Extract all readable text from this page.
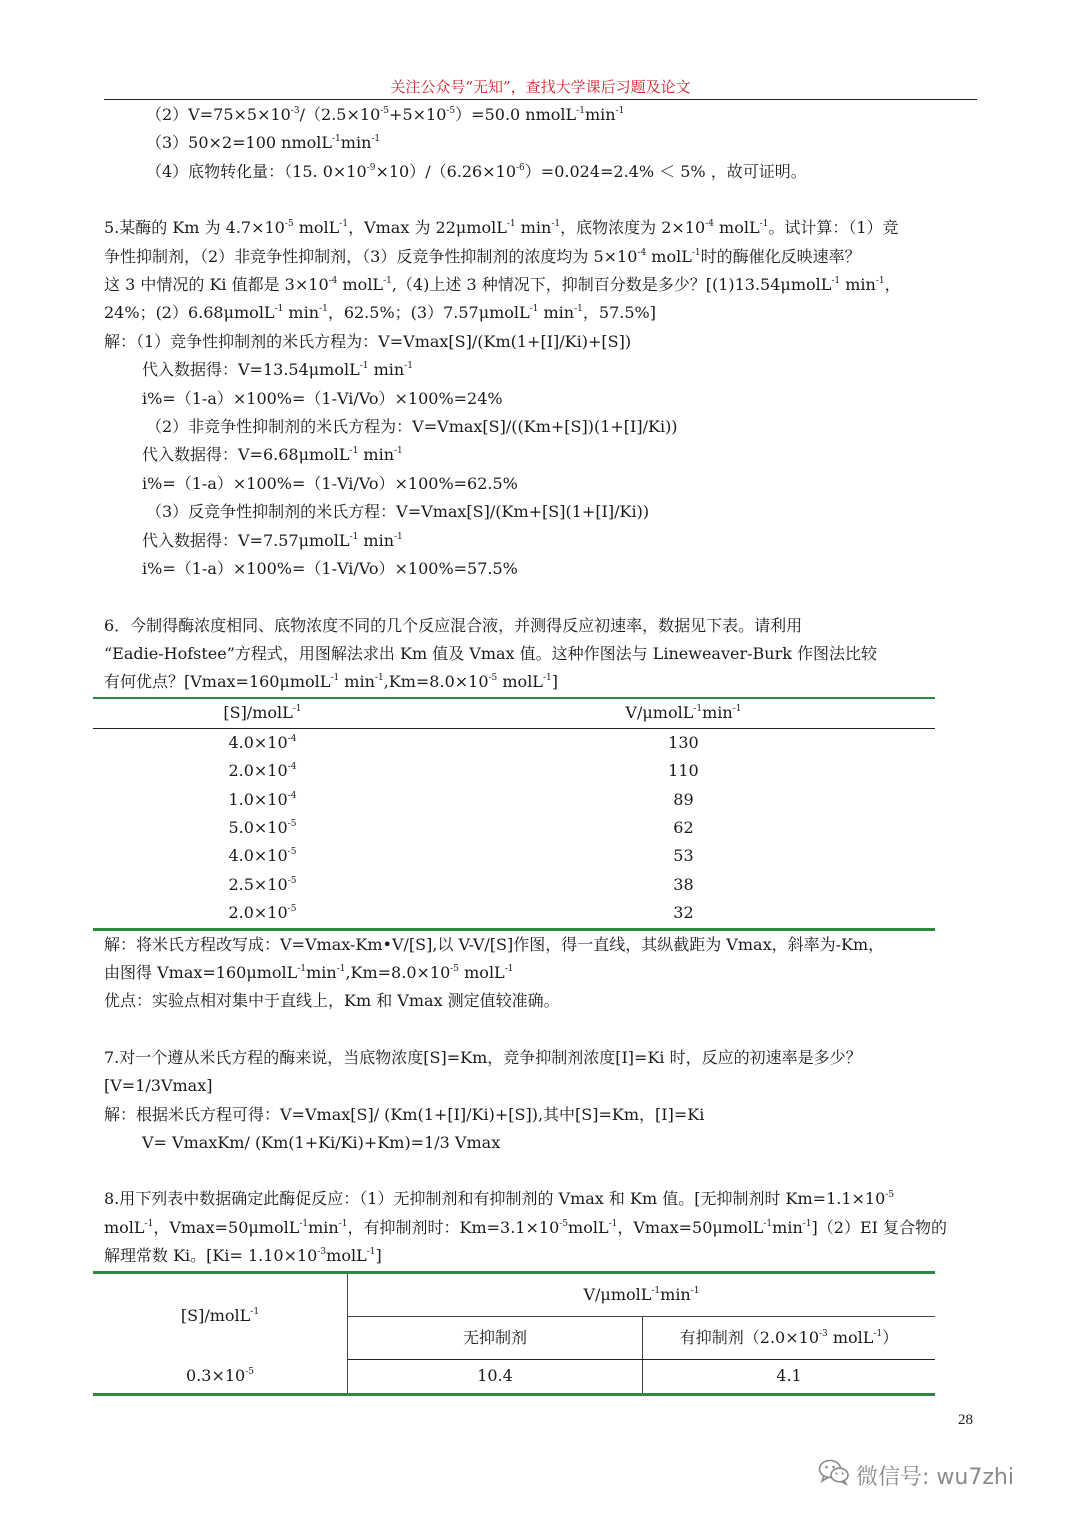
关注公众号“无知”，查找大学课后习题及论文
$(2)V=75\times 5\times 10^{-3}/(2.5\times 10^{-5}+5\times 10^{-5})=50.0$ $nmolL^{-1}\min^{-1}$
（3）50×2=100 $nmolL^{-1}\min^{-1}$
（4）底物转化量：（15. $0\times 10^{-9}\times 10)/(6.26\times 10^{-6})=0.024=2.4\% < 5\%$ ，故可证明。
5.某酶的 Km 为 $4.7\times 10^{-5}$ molL$^{-1}$，Vmax 为 22μmolL$^{-1}$ $\min^{-1}$，底物浓度为 $2\times 10^{-4}$ molL$^{-1}$。试计算：（1）竞
争性抑制剂，（2）非竞争性抑制剂，（3）反竞争性抑制剂的浓度均为 $5\times 10^{-4}$ molL$^{-1}$时的酶催化反映速率？
这 3 中情况的 Ki 值都是 $3\times 10^{-4}$ molL$^{-1}$,（4)上述 3 种情况下，抑制百分数是多少？[(1)13.54μmolL$^{-1}$ $\min^{-1}$，
24%；(2）6.68μmolL$^{-1}$ $\min^{-1}$，62.5%；(3）7.57μmolL$^{-1}$ $\min^{-1}$，57.5%]
解：（1）竞争性抑制剂的米氏方程为：V=Vmax[S]/(Km(1+[I]/Ki)+[S])
代入数据得：V=13.54μmolL$^{-1}$ $\min^{-1}$
i%=（1-a）×100%=（1-Vi/Vo）×100%=24%
（2）非竞争性抑制剂的米氏方程为：V=Vmax[S]/((Km+[S])(1+[I]/Ki))
代入数据得：V=6.68μmolL$^{-1}$ $\min^{-1}$
i%=（1-a）×100%=（1-Vi/Vo）×100%=62.5%
（3）反竞争性抑制剂的米氏方程：V=Vmax[S]/(Km+[S](1+[I]/Ki))
代入数据得：V=7.57μmolL$^{-1}$ $\min^{-1}$
i%=（1-a）×100%=（1-Vi/Vo）×100%=57.5%
6．今制得酶浓度相同、底物浓度不同的几个反应混合液，并测得反应初速率，数据见下表。请利用
“Eadie-Hofstee”方程式，用图解法求出 Km 值及 Vmax 值。这种作图法与 Lineweaver-Burk 作图法比较
有何优点？[Vmax=160μmolL$^{-1}$ $\min^{-1},Km=8.0\times 10^{-5}$ molL$^{-1}$]
[S]/molL$^{-1}$	$V/\mu molL^{-1}\min^{-1}$
$4.0\times 10^{-4}$	130
$2.0\times 10^{-4}$	110
$1.0\times 10^{-4}$	89
$5.0\times 10^{-5}$	62
$4.0\times 10^{-5}$	53
$2.5\times 10^{-5}$	38
$2.0\times 10^{-5}$	32
解：将米氏方程改写成：V=Vmax-Km•V/[S],以 V-V/[S]作图，得一直线，其纵截距为 Vmax，斜率为-Km，
由图得 $Vmax=160\mu molL^{-1}\min^{-1},Km=8.0\times 10^{-5}$ molL$^{-1}$
优点：实验点相对集中于直线上，Km 和 Vmax 测定值较准确。
7.对一个遵从米氏方程的酶来说，当底物浓度[S]=Km，竞争抑制剂浓度[I]=Ki 时，反应的初速率是多少？
[V=1/3Vmax]
解：根据米氏方程可得：V=Vmax[S]/ (Km(1+[I]/Ki)+[S]),其中[S]=Km，[I]=Ki
V= VmaxKm/ (Km(1+Ki/Ki)+Km)=1/3 Vmax
8.用下列表中数据确定此酶促反应：（1）无抑制剂和有抑制剂的 Vmax 和 Km 值。[无抑制剂时 $Km=1.1\times 10^{-5}$
molL$^{-1}$，$Vmax=50\mu molL^{-1}\min^{-1}$，有抑制剂时：$Km=3.1\times 10^{-5}molL^{-1}$，$Vmax=50\mu molL^{-1}\min^{-1}](2)EI$ 复合物的
解理常数 Ki。$[Ki= 1.10\times 10^{-3}molL^{-1}]$
[S]/molL$^{-1}$	$V/\mu molL^{-1}\min^{-1}$
	无抑制剂	有抑制剂（$2.0\times 10^{-3}$ molL$^{-1}$）
$0.3\times 10^{-5}$	10.4	4.1
28
微信号: wu7zhi
